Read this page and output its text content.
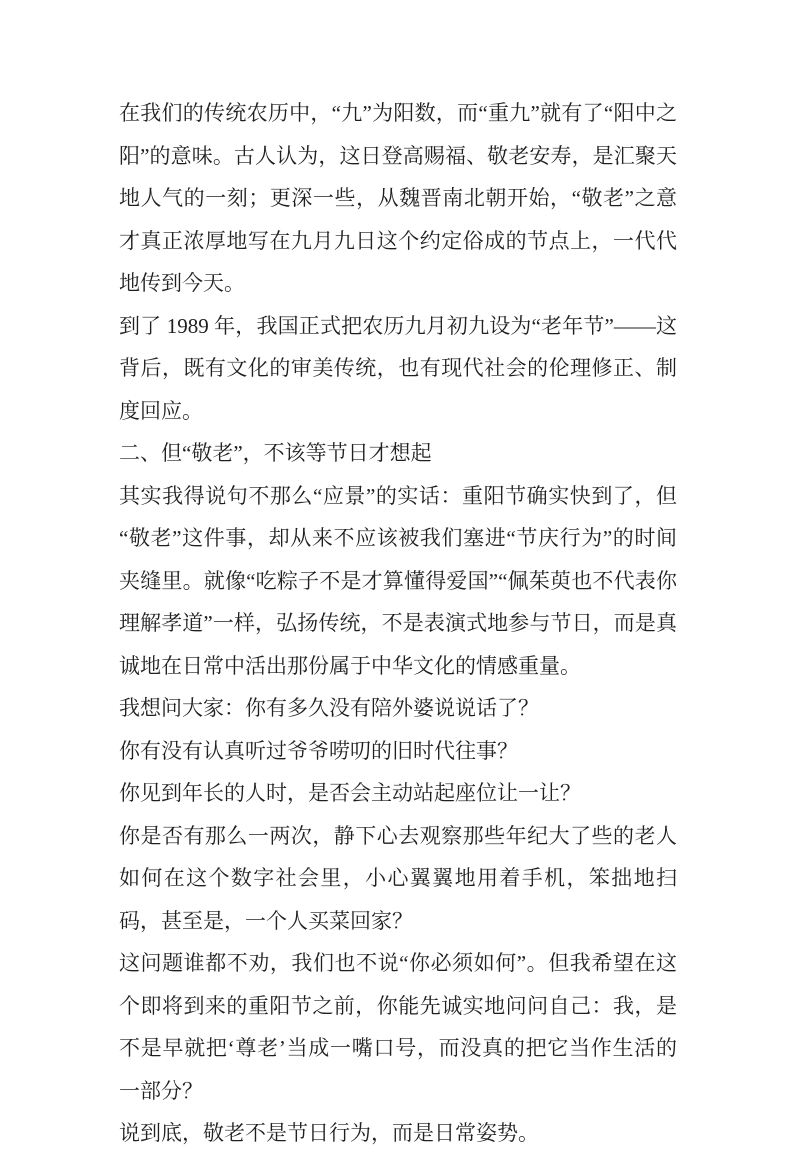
在我们的传统农历中，“九”为阳数，而“重九”就有了“阳中之阳”的意味。古人认为，这日登高赐福、敬老安寿，是汇聚天地人气的一刻；更深一些，从魏晋南北朝开始，“敬老”之意才真正浓厚地写在九月九日这个约定俗成的节点上，一代代地传到今天。

到了 1989 年，我国正式把农历九月初九设为“老年节”——这背后，既有文化的审美传统，也有现代社会的伦理修正、制度回应。

二、但“敬老”，不该等节日才想起

其实我得说句不那么“应景”的实话：重阳节确实快到了，但“敬老”这件事，却从来不应该被我们塞进“节庆行为”的时间夹缝里。就像“吃粽子不是才算懂得爱国”“佩茱萸也不代表你理解孝道”一样，弘扬传统，不是表演式地参与节日，而是真诚地在日常中活出那份属于中华文化的情感重量。

我想问大家：你有多久没有陪外婆说说话了？

你有没有认真听过爷爷唠叨的旧时代往事？

你见到年长的人时，是否会主动站起座位让一让？

你是否有那么一两次，静下心去观察那些年纪大了些的老人如何在这个数字社会里，小心翼翼地用着手机，笨拙地扫码，甚至是，一个人买菜回家？

这问题谁都不劝，我们也不说“你必须如何”。但我希望在这个即将到来的重阳节之前，你能先诚实地问问自己：我，是不是早就把‘尊老’当成一嘴口号，而没真的把它当作生活的一部分？

说到底，敬老不是节日行为，而是日常姿势。
